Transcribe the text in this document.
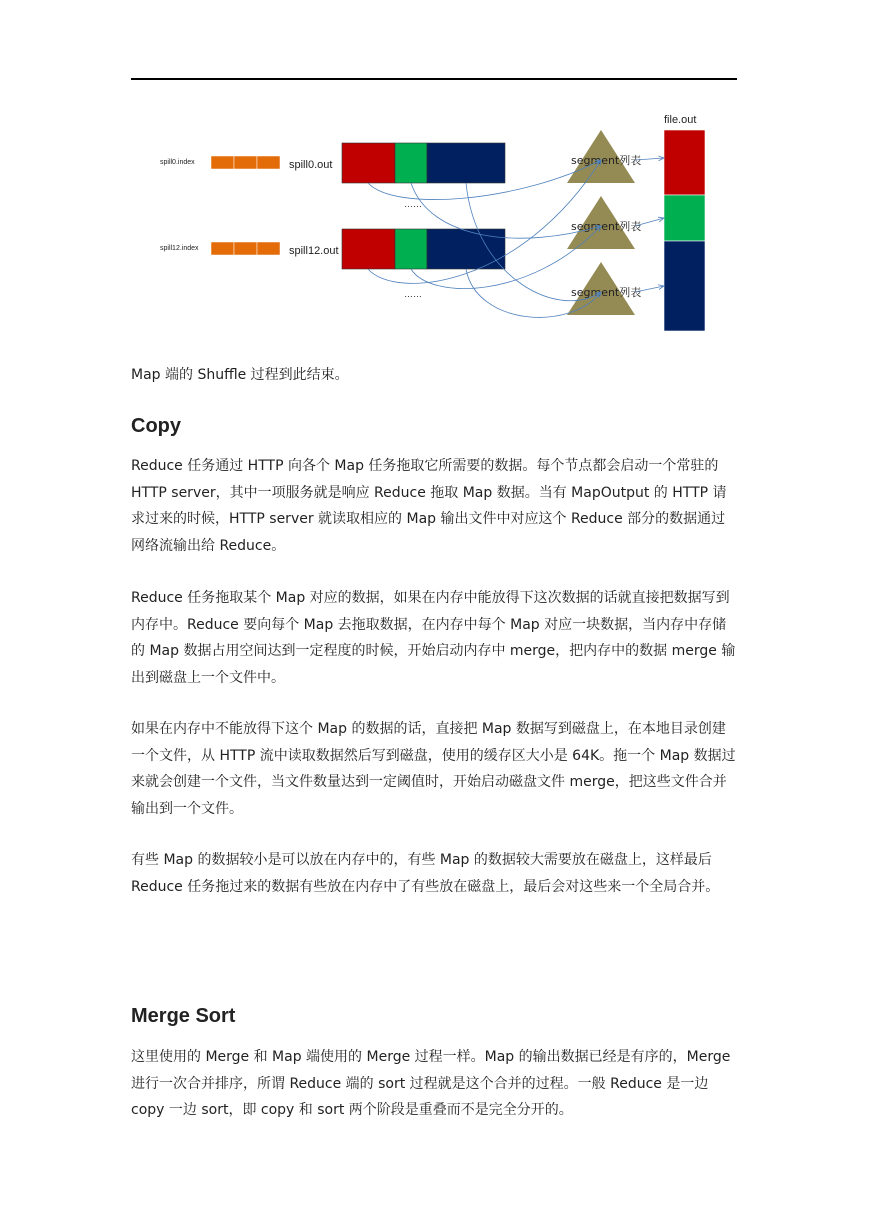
spill0.index	spill0.out
……
spill12.index	spill12.out
……
segment列表
segment列表
segment列表
file.out

Map 端的 Shuffle 过程到此结束。

Copy

Reduce 任务通过 HTTP 向各个 Map 任务拖取它所需要的数据。每个节点都会启动一个常驻的 HTTP server，其中一项服务就是响应 Reduce 拖取 Map 数据。当有 MapOutput 的 HTTP 请求过来的时候，HTTP server 就读取相应的 Map 输出文件中对应这个 Reduce 部分的数据通过网络流输出给 Reduce。

Reduce 任务拖取某个 Map 对应的数据，如果在内存中能放得下这次数据的话就直接把数据写到内存中。Reduce 要向每个 Map 去拖取数据，在内存中每个 Map 对应一块数据，当内存中存储的 Map 数据占用空间达到一定程度的时候，开始启动内存中 merge，把内存中的数据 merge 输出到磁盘上一个文件中。

如果在内存中不能放得下这个 Map 的数据的话，直接把 Map 数据写到磁盘上，在本地目录创建一个文件，从 HTTP 流中读取数据然后写到磁盘，使用的缓存区大小是 64K。拖一个 Map 数据过来就会创建一个文件，当文件数量达到一定阈值时，开始启动磁盘文件 merge，把这些文件合并输出到一个文件。

有些 Map 的数据较小是可以放在内存中的，有些 Map 的数据较大需要放在磁盘上，这样最后 Reduce 任务拖过来的数据有些放在内存中了有些放在磁盘上，最后会对这些来一个全局合并。

Merge Sort

这里使用的 Merge 和 Map 端使用的 Merge 过程一样。Map 的输出数据已经是有序的，Merge 进行一次合并排序，所谓 Reduce 端的 sort 过程就是这个合并的过程。一般 Reduce 是一边 copy 一边 sort，即 copy 和 sort 两个阶段是重叠而不是完全分开的。
